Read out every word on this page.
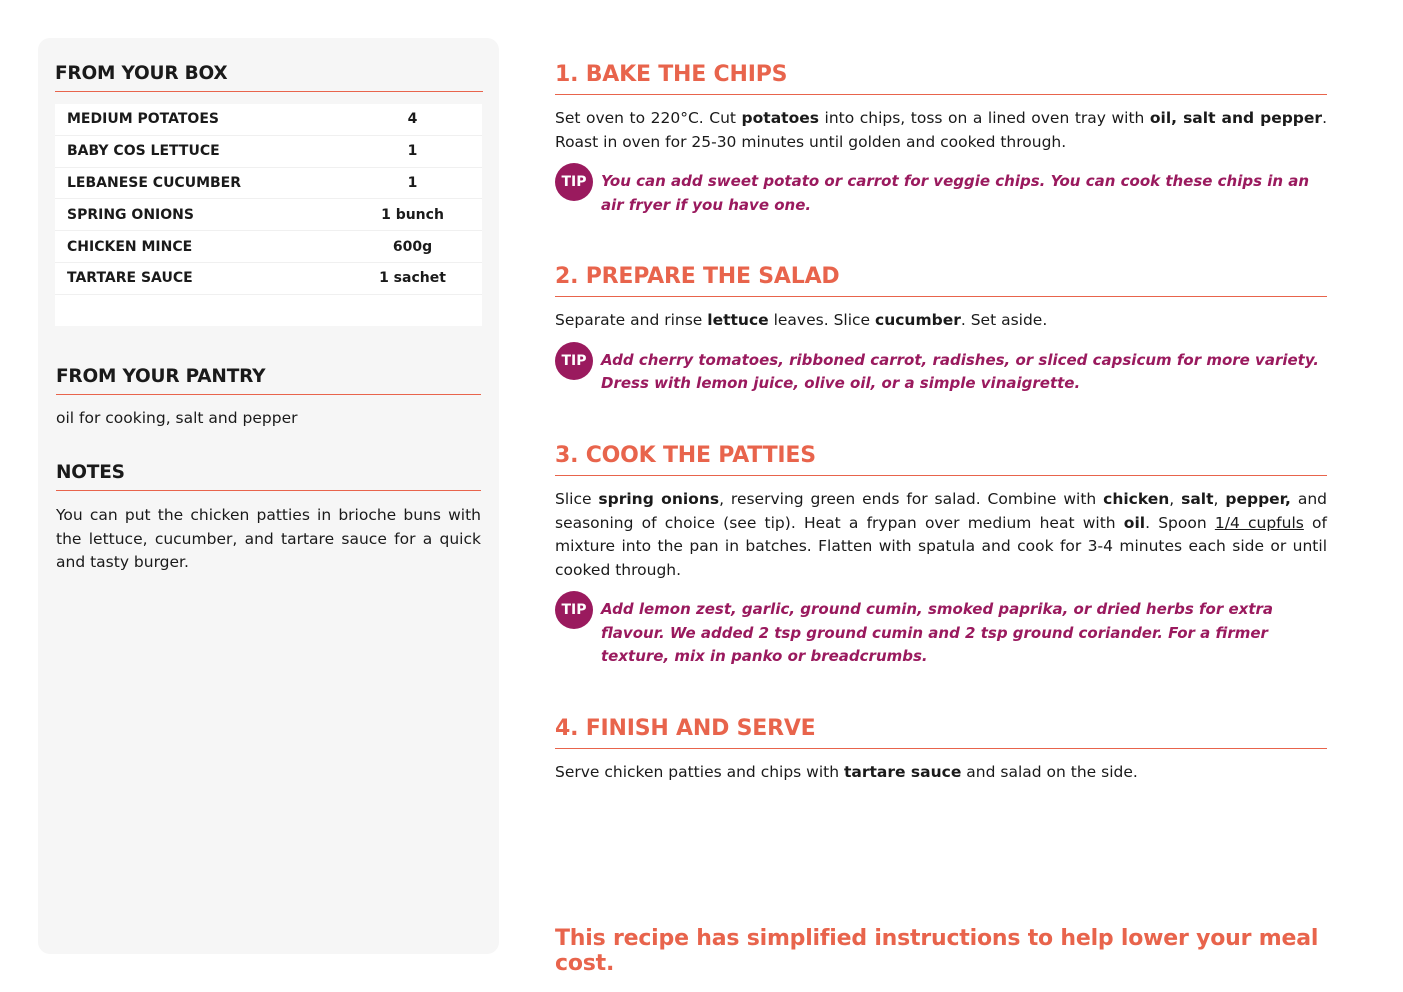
FROM YOUR BOX
MEDIUM POTATOES	4
BABY COS LETTUCE	1
LEBANESE CUCUMBER	1
SPRING ONIONS	1 bunch
CHICKEN MINCE	600g
TARTARE SAUCE	1 sachet
FROM YOUR PANTRY
oil for cooking, salt and pepper
NOTES
You can put the chicken patties in brioche buns with the lettuce, cucumber, and tartare sauce for a quick and tasty burger.
1. BAKE THE CHIPS
Set oven to 220°C. Cut potatoes into chips, toss on a lined oven tray with oil, salt and pepper. Roast in oven for 25-30 minutes until golden and cooked through.
TIP You can add sweet potato or carrot for veggie chips. You can cook these chips in an air fryer if you have one.
2. PREPARE THE SALAD
Separate and rinse lettuce leaves. Slice cucumber. Set aside.
TIP Add cherry tomatoes, ribboned carrot, radishes, or sliced capsicum for more variety. Dress with lemon juice, olive oil, or a simple vinaigrette.
3. COOK THE PATTIES
Slice spring onions, reserving green ends for salad. Combine with chicken, salt, pepper, and seasoning of choice (see tip). Heat a frypan over medium heat with oil. Spoon 1/4 cupfuls of mixture into the pan in batches. Flatten with spatula and cook for 3-4 minutes each side or until cooked through.
TIP Add lemon zest, garlic, ground cumin, smoked paprika, or dried herbs for extra flavour. We added 2 tsp ground cumin and 2 tsp ground coriander. For a firmer texture, mix in panko or breadcrumbs.
4. FINISH AND SERVE
Serve chicken patties and chips with tartare sauce and salad on the side.
This recipe has simplified instructions to help lower your meal cost.
